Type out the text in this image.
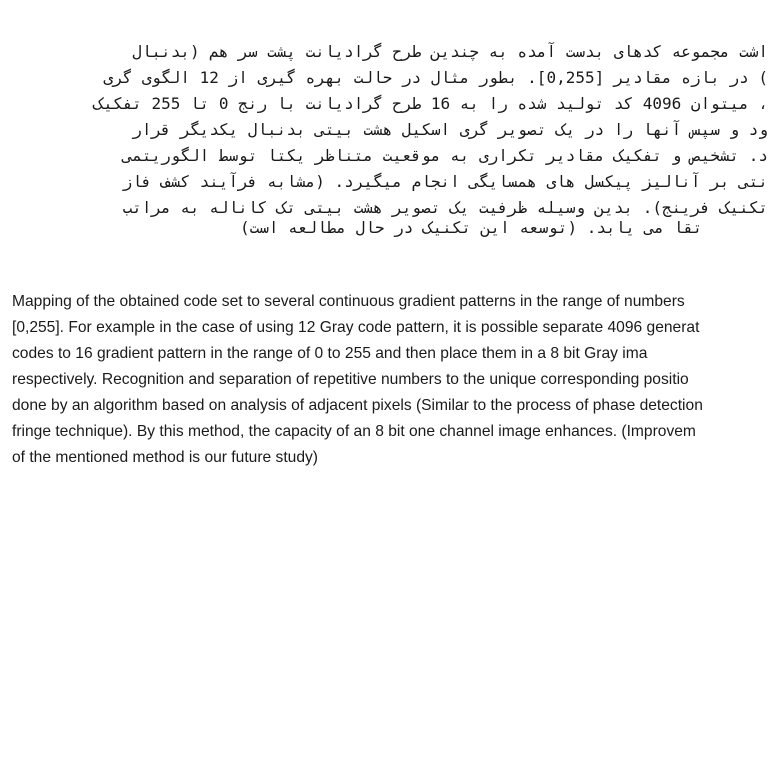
اشت مجموعه کدهای بدست آمده به چندین طرح گرادیانت پشت سر هم (بدنبال
) در بازه مقادیر [0,255]. بطور مثال در حالت بهره گیری از 12 الگوی گری
، میتوان 4096 کد تولید شده را به 16 طرح گرادیانت با رنج 0 تا 255 تفکیک
ود و سپس آنها را در یک تصویر گری اسکیل هشت بیتی بدنبال یکدیگر قرار
د. تشخیص و تفکیک مقادیر تکراری به موقعیت متناظر یکتا توسط الگوریتمی
نتی بر آنالیز پیکسل های همسایگی انجام میگیرد. (مشابه فرآیند کشف فاز
تکنیک فرینج). بدین وسیله ظرفیت یک تصویر هشت بیتی تک کاناله به مراتب
تقا می یابد. (توسعه این تکنیک در حال مطالعه است)
Mapping of the obtained code set to several continuous gradient patterns in the range of numbers
[0,255]. For example in the case of using 12 Gray code pattern, it is possible separate 4096 generat
codes to 16 gradient pattern in the range of 0 to 255 and then place them in a 8 bit Gray ima
respectively. Recognition and separation of repetitive numbers to the unique corresponding positio
done by an algorithm based on analysis of adjacent pixels (Similar to the process of phase detection
fringe technique). By this method, the capacity of an 8 bit one channel image enhances. (Improvem
of the mentioned method is our future study)
